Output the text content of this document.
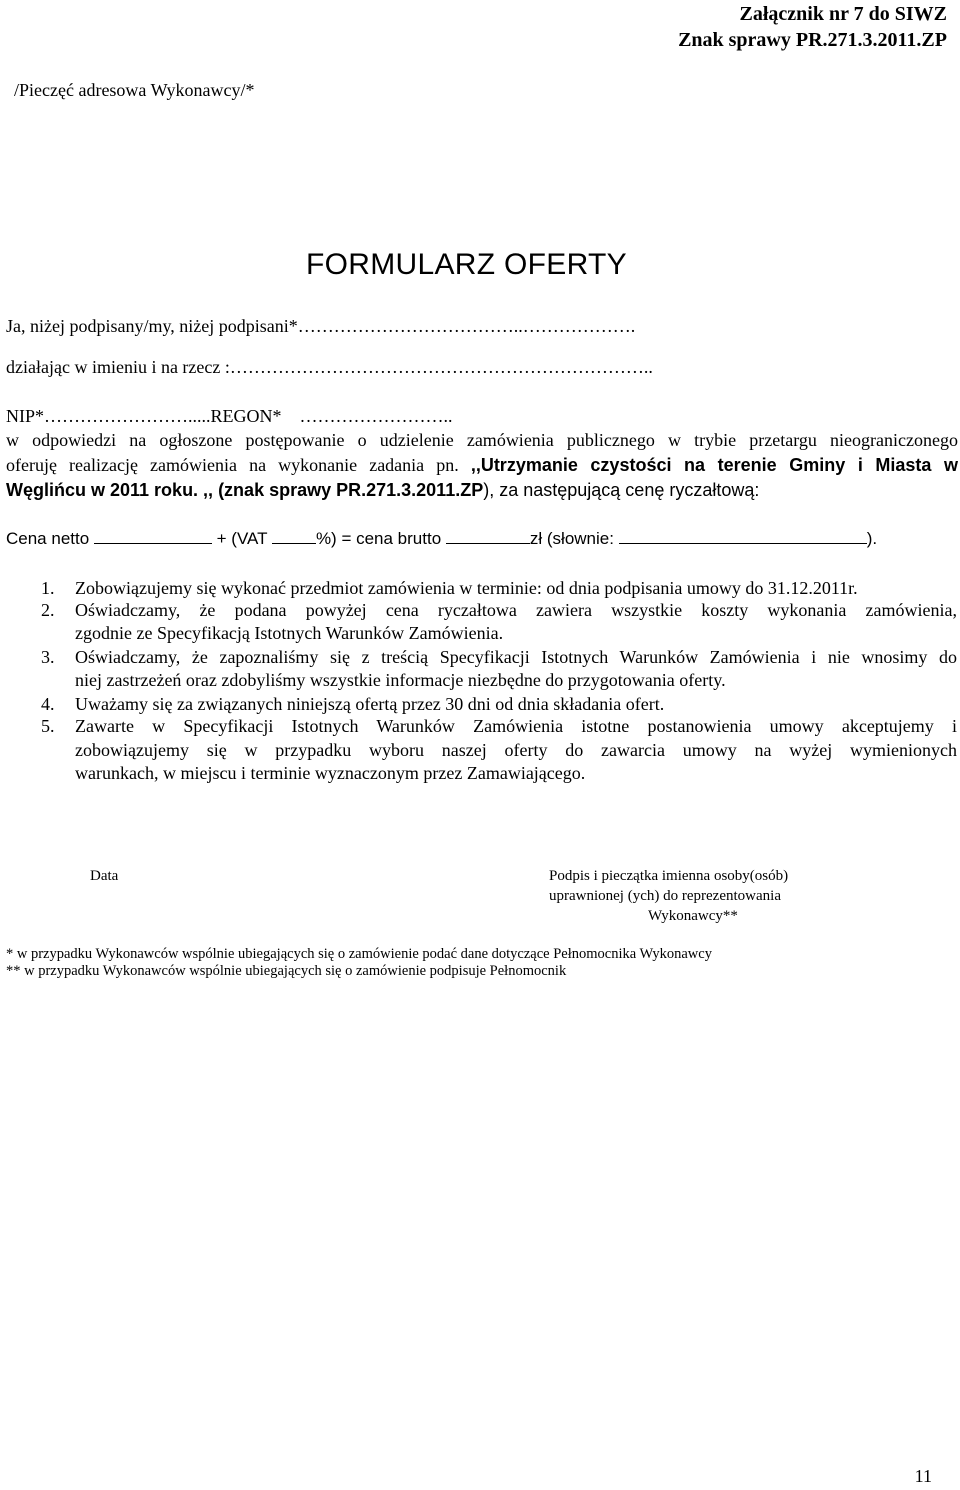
Załącznik nr 7 do SIWZ
Znak sprawy PR.271.3.2011.ZP
/Pieczęć adresowa Wykonawcy/*
FORMULARZ OFERTY
Ja, niżej podpisany/my, niżej podpisani*………………………………..……………….
działając w imieniu i na rzecz :……………………………………………………………..
NIP*…………………….....REGON* ……………………..
w odpowiedzi na ogłoszone postępowanie o udzielenie zamówienia publicznego w trybie przetargu nieograniczonego
oferuję realizację zamówienia na wykonanie zadania pn. ,,Utrzymanie czystości na terenie Gminy i Miasta w
Węglińcu w 2011 roku. ,, (znak sprawy PR.271.3.2011.ZP), za następującą cenę ryczałtową:
Cena netto	+ (VAT	%) = cena brutto	zł (słownie:	).
1. Zobowiązujemy się wykonać przedmiot zamówienia w terminie: od dnia podpisania umowy do 31.12.2011r.
2. Oświadczamy, że podana powyżej cena ryczałtowa zawiera wszystkie koszty wykonania zamówienia,
zgodnie ze Specyfikacją Istotnych Warunków Zamówienia.
3. Oświadczamy, że zapoznaliśmy się z treścią Specyfikacji Istotnych Warunków Zamówienia i nie wnosimy do
niej zastrzeżeń oraz zdobyliśmy wszystkie informacje niezbędne do przygotowania oferty.
4. Uważamy się za związanych niniejszą ofertą przez 30 dni od dnia składania ofert.
5. Zawarte w Specyfikacji Istotnych Warunków Zamówienia istotne postanowienia umowy akceptujemy i
zobowiązujemy się w przypadku wyboru naszej oferty do zawarcia umowy na wyżej wymienionych
warunkach, w miejscu i terminie wyznaczonym przez Zamawiającego.
Data	Podpis i pieczątka imienna osoby(osób)
uprawnionej (ych) do reprezentowania
Wykonawcy**
* w przypadku Wykonawców wspólnie ubiegających się o zamówienie podać dane dotyczące Pełnomocnika Wykonawcy
** w przypadku Wykonawców wspólnie ubiegających się o zamówienie podpisuje Pełnomocnik
11
